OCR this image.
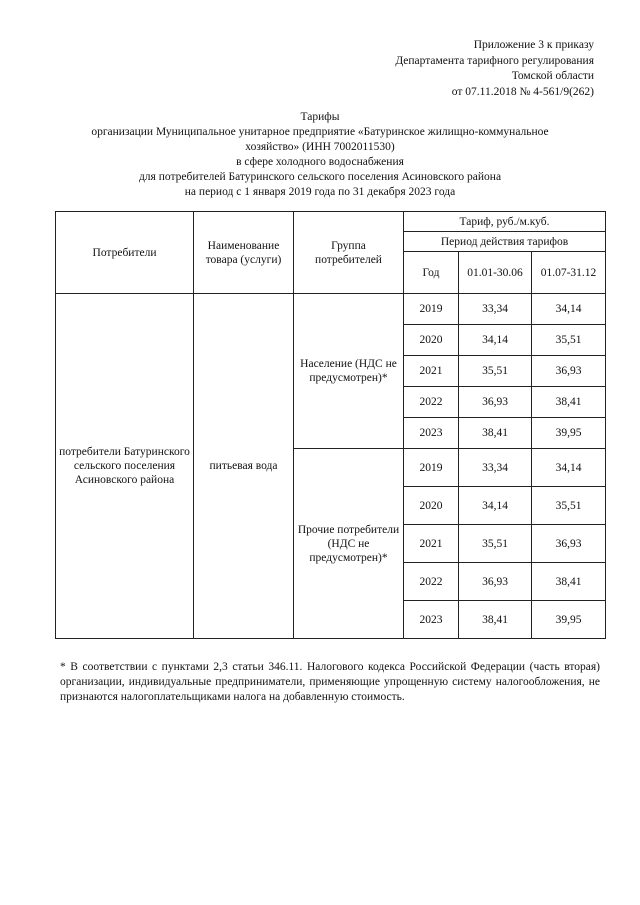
Приложение 3 к приказу
Департамента тарифного регулирования
Томской области
от 07.11.2018 № 4-561/9(262)
Тарифы
организации Муниципальное унитарное предприятие «Батуринское жилищно-коммунальное
хозяйство» (ИНН 7002011530)
в сфере холодного водоснабжения
для потребителей Батуринского сельского поселения Асиновского района
на период с 1 января 2019 года по 31 декабря 2023 года
Потребители	Наименование товара (услуги)	Группа потребителей	Тариф, руб./м.куб.		
			Период действия тарифов		
			Год	01.01-30.06	01.07-31.12
потребители Батуринского сельского поселения Асиновского района	питьевая вода	Население (НДС не предусмотрен)*	2019	33,34	34,14
			2020	34,14	35,51
			2021	35,51	36,93
			2022	36,93	38,41
			2023	38,41	39,95
		Прочие потребители (НДС не предусмотрен)*	2019	33,34	34,14
			2020	34,14	35,51
			2021	35,51	36,93
			2022	36,93	38,41
			2023	38,41	39,95
* В соответствии с пунктами 2,3 статьи 346.11. Налогового кодекса Российской Федерации (часть вторая) организации, индивидуальные предприниматели, применяющие упрощенную систему налогообложения, не признаются налогоплательщиками налога на добавленную стоимость.
